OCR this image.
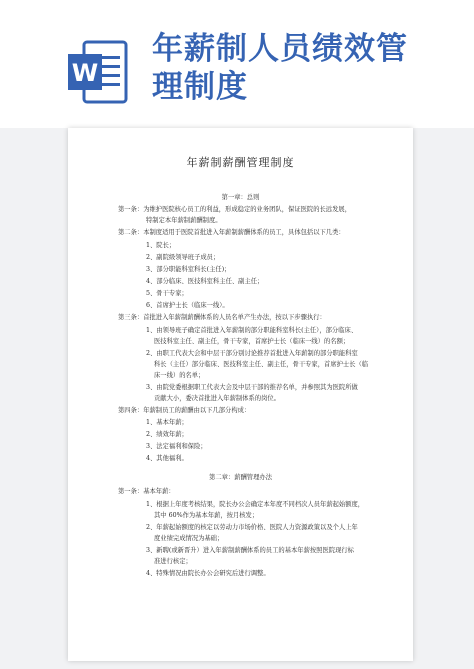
W

年薪制人员绩效管

理制度

年薪制薪酬管理制度
第一章：总则
第一条：为维护医院核心员工的利益，形成稳定的业务团队，保证医院的长远发展，
特制定本年薪制薪酬制度。
第二条：本制度适用于医院首批进入年薪制薪酬体系的员工，具体包括以下几类：
1、院长；
2、副院级领导班子成员；
3、部分职能科室科长(主任)；
4、部分临床、医技科室科主任、副主任；
5、骨干专家；
6、首席护士长（临床一线）。
第三条：首批进入年薪制薪酬体系的人员名单产生办法，按以下步骤执行：
1、由领导班子确定首批进入年薪制的部分职能科室科长(主任），部分临床、
医技科室主任、副主任，骨干专家，首席护士长（临床一线）的名额；
2、由职工代表大会和中层干部分别讨论推荐首批进入年薪制的部分职能科室
科长（主任）部分临床、医技科室主任、副主任，骨干专家，首席护士长（临
床一线）的名单；
3、由院党委根据职工代表大会及中层干部的推荐名单，并参照其为医院所做
贡献大小，委决首批进入年薪制体系的岗位。
第四条：年薪制员工的薪酬由以下几部分构成：
1、基本年薪；
2、绩效年薪；
3、法定福利和保险；
4、其他福利。
第二章：薪酬管理办法
第一条：基本年薪：
1、根据上年度考核结果，院长办公会确定本年度不同档次人员年薪起始额度，
其中 60%作为基本年薪，按月核发；
2、年薪起始额度的核定以劳动力市场价格、医院人力资源政策以及个人上年
度业绩完成情况为基础；
3、新聘(或新晋升）进入年薪制薪酬体系的员工的基本年薪按照医院现行标
准进行核定；
4、特殊情况由院长办公会研究后进行调整。
